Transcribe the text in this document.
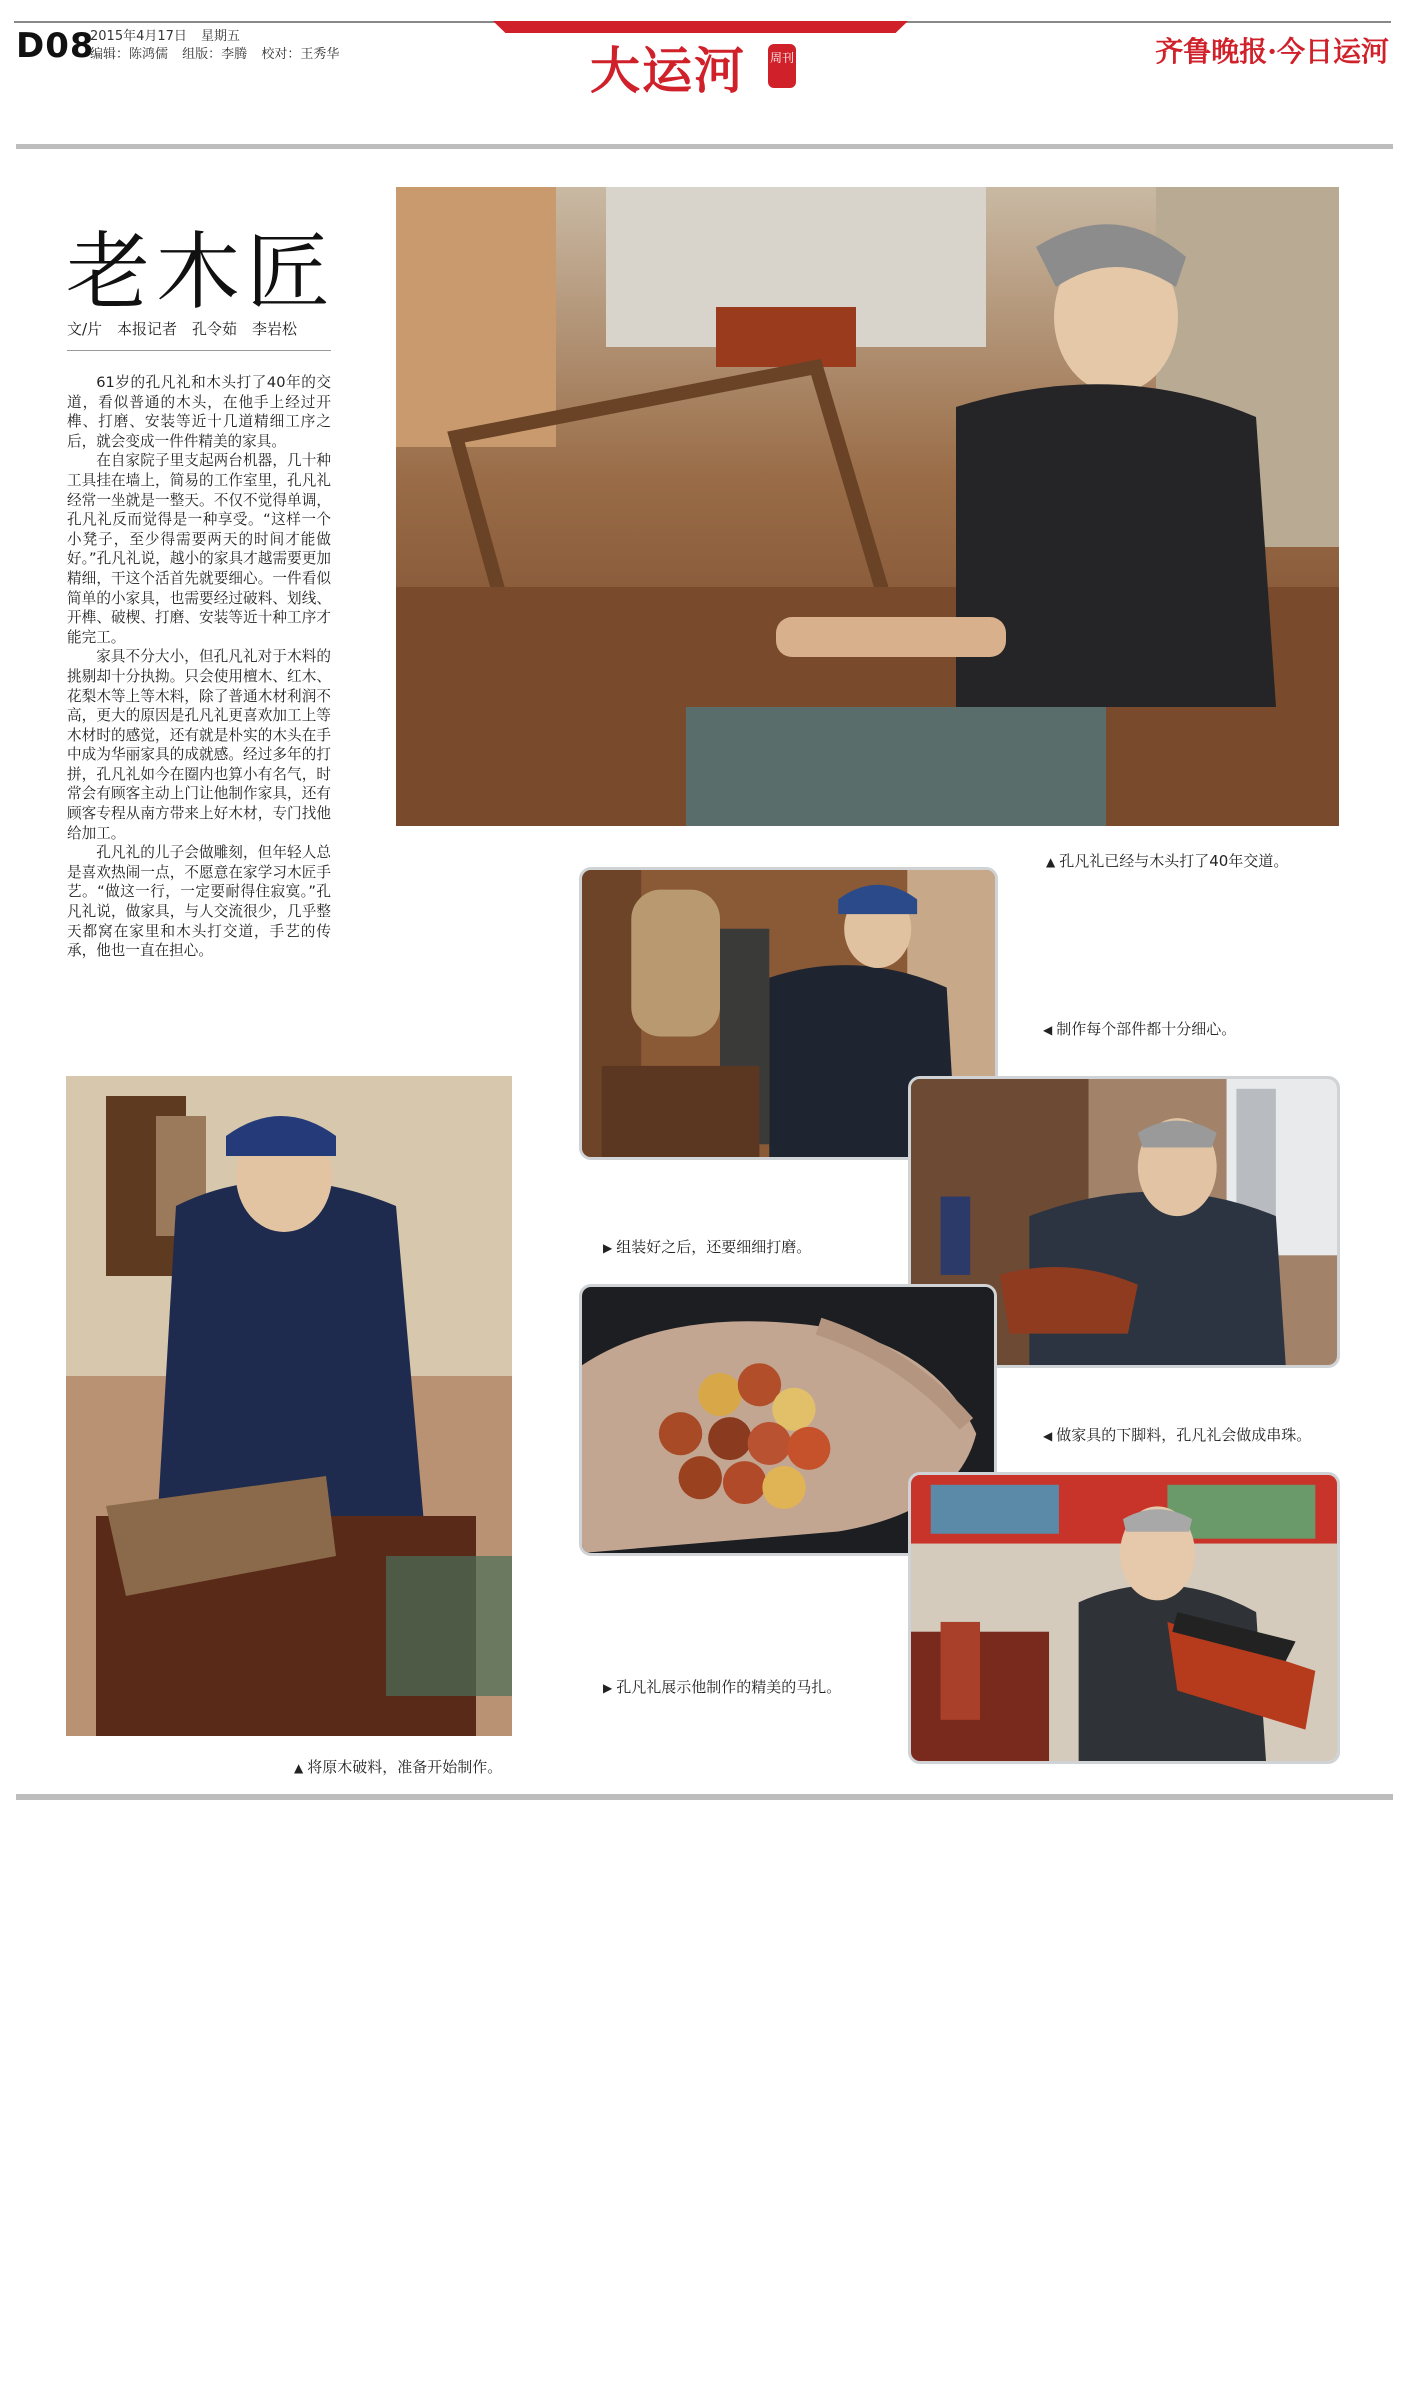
D08
2015年4月17日 星期五
编辑：陈鸿儒 组版：李腾 校对：王秀华	大运河 周刊	齐鲁晚报·今日运河
老木匠
文/片　本报记者　孔令茹　李岩松

61岁的孔凡礼和木头打了40年的交道，看似普通的木头，在他手上经过开榫、打磨、安装等近十几道精细工序之后，就会变成一件件精美的家具。

在自家院子里支起两台机器，几十种工具挂在墙上，简易的工作室里，孔凡礼经常一坐就是一整天。不仅不觉得单调，孔凡礼反而觉得是一种享受。“这样一个小凳子，至少得需要两天的时间才能做好。”孔凡礼说，越小的家具才越需要更加精细，干这个活首先就要细心。一件看似简单的小家具，也需要经过破料、划线、开榫、破楔、打磨、安装等近十种工序才能完工。

家具不分大小，但孔凡礼对于木料的挑剔却十分执拗。只会使用檀木、红木、花梨木等上等木料，除了普通木材利润不高，更大的原因是孔凡礼更喜欢加工上等木材时的感觉，还有就是朴实的木头在手中成为华丽家具的成就感。经过多年的打拼，孔凡礼如今在圈内也算小有名气，时常会有顾客主动上门让他制作家具，还有顾客专程从南方带来上好木材，专门找他给加工。

孔凡礼的儿子会做雕刻，但年轻人总是喜欢热闹一点，不愿意在家学习木匠手艺。“做这一行，一定要耐得住寂寞。”孔凡礼说，做家具，与人交流很少，几乎整天都窝在家里和木头打交道，手艺的传承，他也一直在担心。

▲ 孔凡礼已经与木头打了40年交道。
◀ 制作每个部件都十分细心。
▲ 将原木破料，准备开始制作。
▶ 组装好之后，还要细细打磨。
◀ 做家具的下脚料，孔凡礼会做成串珠。
▶ 孔凡礼展示他制作的精美的马扎。
